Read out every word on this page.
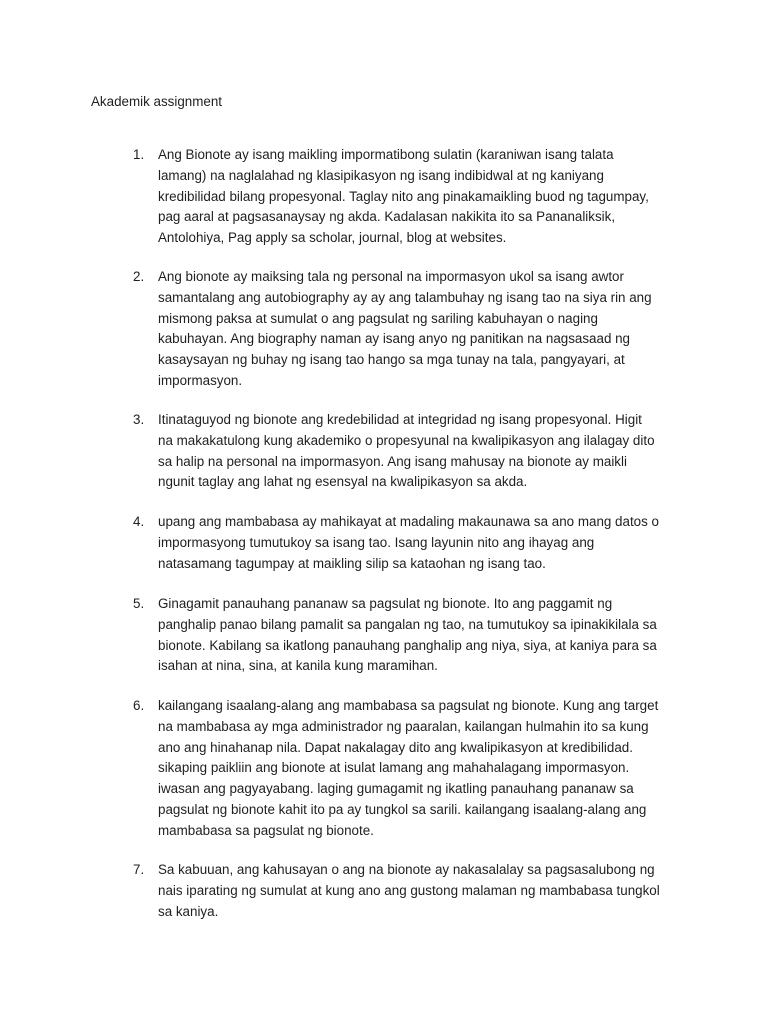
Akademik assignment
1. Ang Bionote ay isang maikling impormatibong sulatin (karaniwan isang talata
lamang) na naglalahad ng klasipikasyon ng isang indibidwal at ng kaniyang
kredibilidad bilang propesyonal. Taglay nito ang pinakamaikling buod ng tagumpay,
pag aaral at pagsasanaysay ng akda. Kadalasan nakikita ito sa Pananaliksik,
Antolohiya, Pag apply sa scholar, journal, blog at websites.

2. Ang bionote ay maiksing tala ng personal na impormasyon ukol sa isang awtor
samantalang ang autobiography ay ay ang talambuhay ng isang tao na siya rin ang
mismong paksa at sumulat o ang pagsulat ng sariling kabuhayan o naging
kabuhayan. Ang biography naman ay isang anyo ng panitikan na nagsasaad ng
kasaysayan ng buhay ng isang tao hango sa mga tunay na tala, pangyayari, at
impormasyon.

3. Itinataguyod ng bionote ang kredebilidad at integridad ng isang propesyonal. Higit
na makakatulong kung akademiko o propesyunal na kwalipikasyon ang ilalagay dito
sa halip na personal na impormasyon. Ang isang mahusay na bionote ay maikli
ngunit taglay ang lahat ng esensyal na kwalipikasyon sa akda.

4. upang ang mambabasa ay mahikayat at madaling makaunawa sa ano mang datos o
impormasyong tumutukoy sa isang tao. Isang layunin nito ang ihayag ang
natasamang tagumpay at maikling silip sa kataohan ng isang tao.

5. Ginagamit panauhang pananaw sa pagsulat ng bionote. Ito ang paggamit ng
panghalip panao bilang pamalit sa pangalan ng tao, na tumutukoy sa ipinakikilala sa
bionote. Kabilang sa ikatlong panauhang panghalip ang niya, siya, at kaniya para sa
isahan at nina, sina, at kanila kung maramihan.

6. kailangang isaalang-alang ang mambabasa sa pagsulat ng bionote. Kung ang target
na mambabasa ay mga administrador ng paaralan, kailangan hulmahin ito sa kung
ano ang hinahanap nila. Dapat nakalagay dito ang kwalipikasyon at kredibilidad.
sikaping paikliin ang bionote at isulat lamang ang mahahalagang impormasyon.
iwasan ang pagyayabang. laging gumagamit ng ikatling panauhang pananaw sa
pagsulat ng bionote kahit ito pa ay tungkol sa sarili. kailangang isaalang-alang ang
mambabasa sa pagsulat ng bionote.

7. Sa kabuuan, ang kahusayan o ang na bionote ay nakasalalay sa pagsasalubong ng
nais iparating ng sumulat at kung ano ang gustong malaman ng mambabasa tungkol
sa kaniya.
